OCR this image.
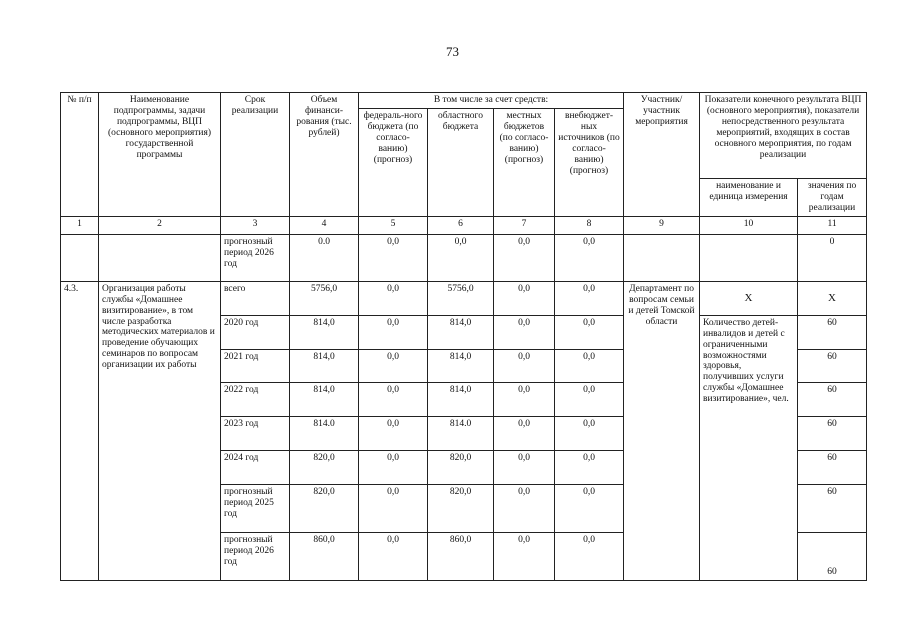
73
№ п/п	Наименование подпрограммы, задачи подпрограммы, ВЦП (основного мероприятия) государственной программы	Срок реализации	Объем финанси-рования (тыс. рублей)	В том числе за счет средств:				Участник/ участник мероприятия	Показатели конечного результата ВЦП (основного мероприятия), показатели непосредственного результата мероприятий, входящих в состав основного мероприятия, по годам реализации	
				федераль-ного бюджета (по согласо-ванию) (прогноз)	областного бюджета	местных бюджетов (по согласо-ванию) (прогноз)	внебюджет-ных источников (по согласо-ванию) (прогноз)			
									наименование и единица измерения	значения по годам реализации
1	2	3	4	5	6	7	8	9	10	11
		прогнозный период 2026 год	0.0	0,0	0,0	0,0	0,0			0
4.3.	Организация работы службы «Домашнее визитирование», в том числе разработка методических материалов и проведение обучающих семинаров по вопросам организации их работы	всего	5756,0	0,0	5756,0	0,0	0,0	Департамент по вопросам семьи и детей Томской области	X	X
		2020 год	814,0	0,0	814,0	0,0	0,0		Количество детей-инвалидов и детей с ограниченными возможностями здоровья, получивших услуги службы «Домашнее визитирование», чел.	60
		2021 год	814,0	0,0	814,0	0,0	0,0			60
		2022 год	814,0	0,0	814,0	0,0	0,0			60
		2023 год	814.0	0,0	814.0	0,0	0,0			60
		2024 год	820,0	0,0	820,0	0,0	0,0			60
		прогнозный период 2025 год	820,0	0,0	820,0	0,0	0,0			60
		прогнозный период 2026 год	860,0	0,0	860,0	0,0	0,0			60
